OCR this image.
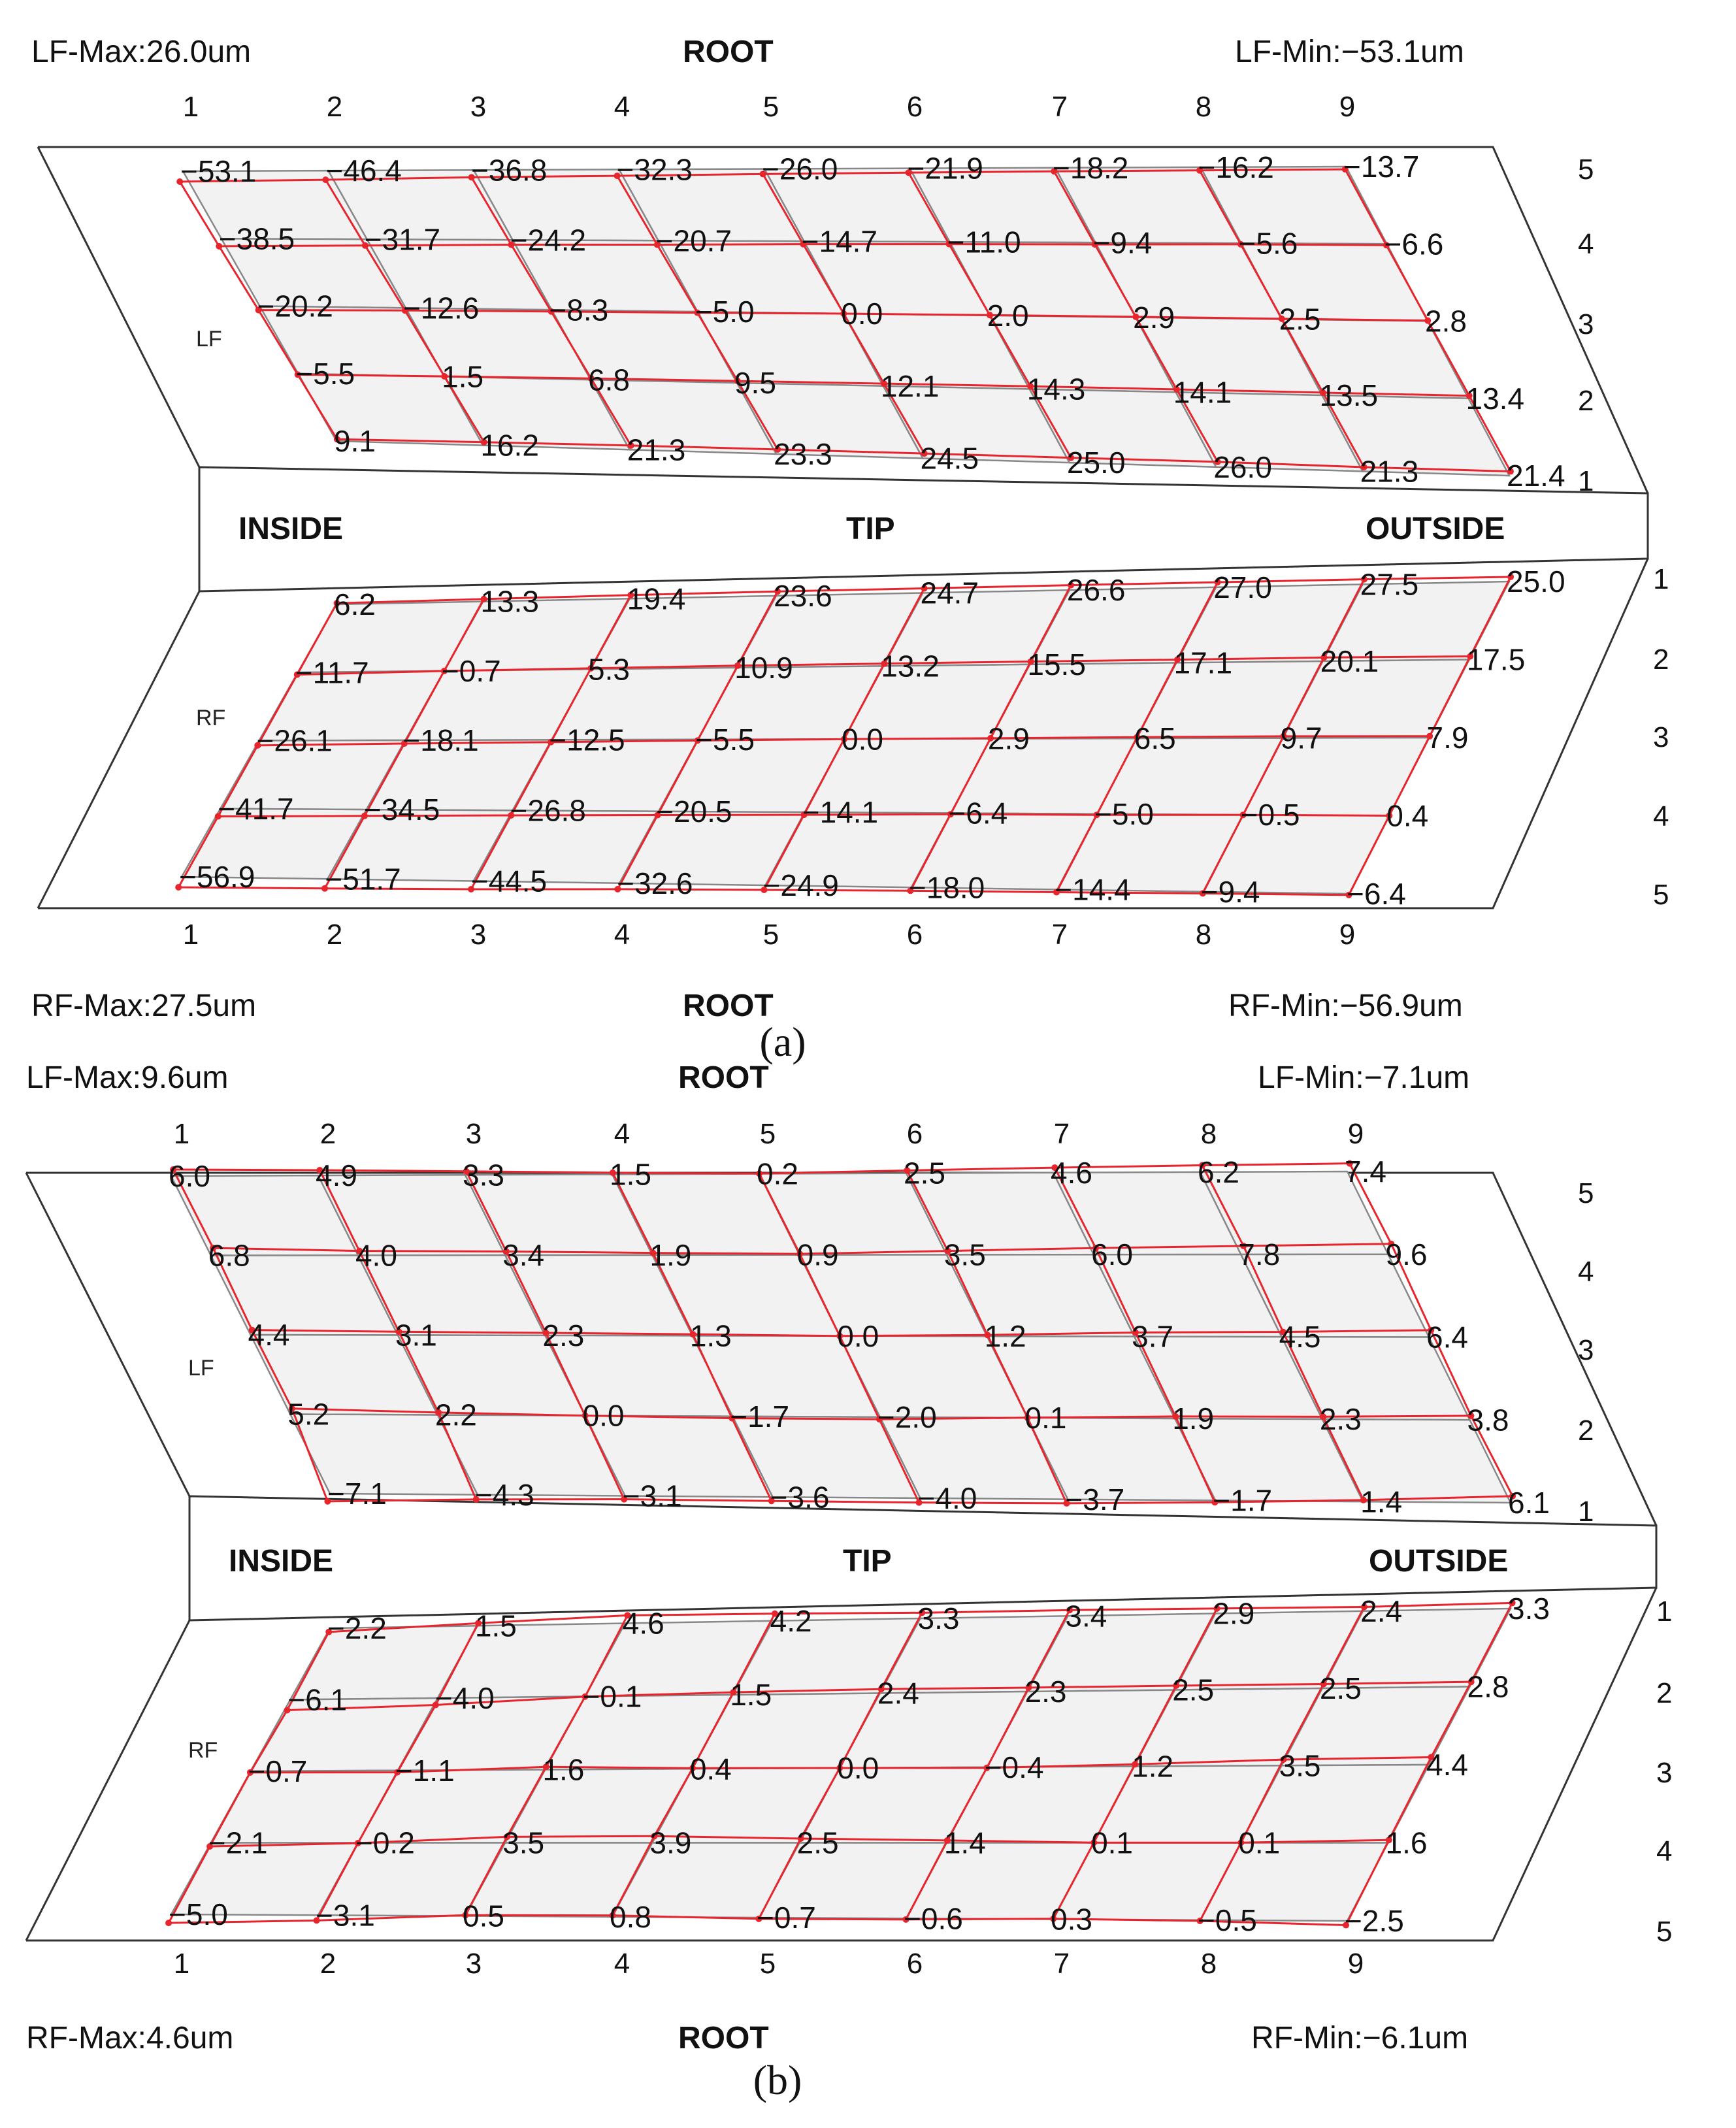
−53.1 −46.4 −36.8 −32.3 −26.0 −21.9 −18.2 −16.2 −13.7
−38.5 −31.7 −24.2 −20.7 −14.7 −11.0 −9.4	−5.6	−6.6
−20.2 −12.6 −8.3	−5.0	0.0	2.0	2.9	2.5	2.8
−5.5	1.5	6.8	9.5	12.1	14.3	14.1	13.5	13.4
9.1	16.2	21.3	23.3	24.5	25.0	26.0	21.3	21.4
6.2	13.3	19.4	23.6	24.7	26.6	27.0	27.5	25.0
−11.7 −0.7	5.3	10.9	13.2	15.5	17.1	20.1	17.5
−26.1 −18.1 −12.5 −5.5	0.0	2.9	6.5	9.7	7.9
−41.7 −34.5 −26.8 −20.5 −14.1 −6.4	−5.0	−0.5	0.4
−56.9 −51.7 −44.5 −32.6 −24.9 −18.0 −14.4 −9.4	−6.4
5
4
3
2
1
1
2
3
4
5
1	2	3	4	5	6	7	8	9
1	2	3	4	5	6	7	8	9
LF-Max:26.0um	ROOT	LF-Min:−53.1um
INSIDE	TIP	OUTSIDE
LF
RF
RF-Max:27.5um	ROOT	RF-Min:−56.9um
(a)
6.0	4.9	3.3	1.5	0.2	2.5	4.6	6.2	7.4
6.8	4.0	3.4	1.9	0.9	3.5	6.0	7.8	9.6
4.4	3.1	2.3	1.3	0.0	1.2	3.7	4.5	6.4
5.2	2.2	0.0	−1.7	−2.0	0.1	1.9	2.3	3.8
−7.1	−4.3	−3.1	−3.6	−4.0	−3.7	−1.7	1.4	6.1
−2.2	1.5	4.6	4.2	3.3	3.4	2.9	2.4	3.3
−6.1	−4.0	−0.1	1.5	2.4	2.3	2.5	2.5	2.8
−0.7	−1.1	1.6	0.4	0.0	−0.4	1.2	3.5	4.4
−2.1	−0.2	3.5	3.9	2.5	1.4	0.1	0.1	1.6
−5.0	−3.1	0.5	0.8	−0.7	−0.6	0.3	−0.5	−2.5
5
4
3
2
1
1
2
3
4
5
1	2	3	4	5	6	7	8	9
1	2	3	4	5	6	7	8	9
LF-Max:9.6um	ROOT	LF-Min:−7.1um
INSIDE	TIP	OUTSIDE
LF
RF
RF-Max:4.6um	ROOT	RF-Min:−6.1um
(b)
